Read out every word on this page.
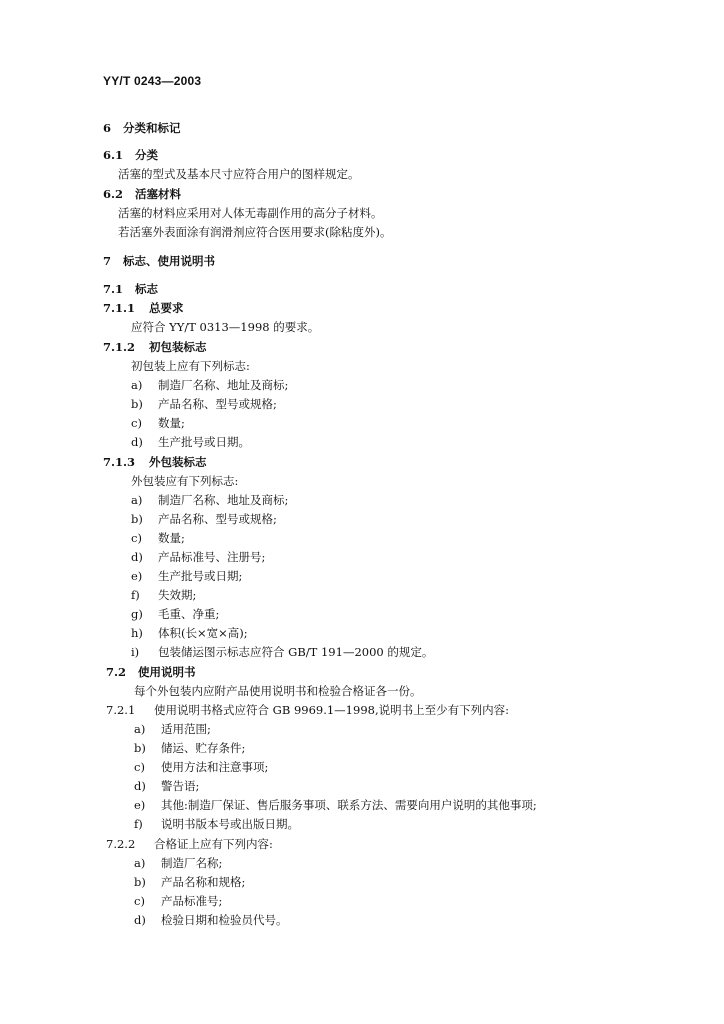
YY/T 0243—2003
6 分类和标记
6.1 分类
活塞的型式及基本尺寸应符合用户的图样规定。
6.2 活塞材料
活塞的材料应采用对人体无毒副作用的高分子材料。
若活塞外表面涂有润滑剂应符合医用要求(除粘度外)。
7 标志、使用说明书
7.1 标志
7.1.1 总要求
应符合 YY/T 0313—1998 的要求。
7.1.2 初包装标志
初包装上应有下列标志:
a) 制造厂名称、地址及商标;
b) 产品名称、型号或规格;
c) 数量;
d) 生产批号或日期。
7.1.3 外包装标志
外包装应有下列标志:
a) 制造厂名称、地址及商标;
b) 产品名称、型号或规格;
c) 数量;
d) 产品标准号、注册号;
e) 生产批号或日期;
f) 失效期;
g) 毛重、净重;
h) 体积(长×宽×高);
i) 包装储运图示标志应符合 GB/T 191—2000 的规定。
7.2 使用说明书
每个外包装内应附产品使用说明书和检验合格证各一份。
7.2.1 使用说明书格式应符合 GB 9969.1—1998,说明书上至少有下列内容:
a) 适用范围;
b) 储运、贮存条件;
c) 使用方法和注意事项;
d) 警告语;
e) 其他:制造厂保证、售后服务事项、联系方法、需要向用户说明的其他事项;
f) 说明书版本号或出版日期。
7.2.2 合格证上应有下列内容:
a) 制造厂名称;
b) 产品名称和规格;
c) 产品标准号;
d) 检验日期和检验员代号。
